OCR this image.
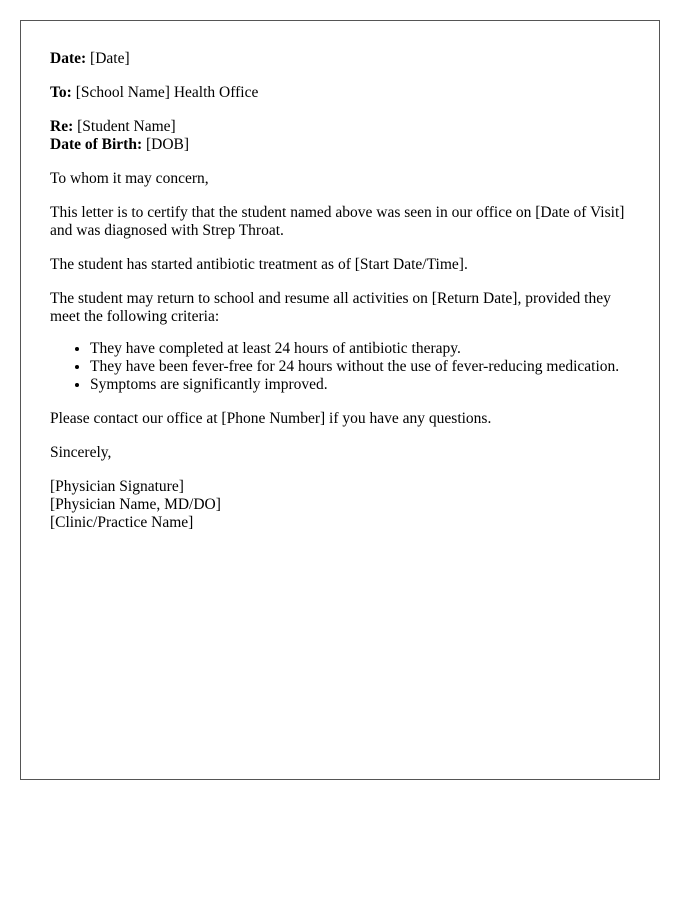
Date: [Date]

To: [School Name] Health Office

Re: [Student Name]

Date of Birth: [DOB]

To whom it may concern,

This letter is to certify that the student named above was seen in our office on [Date of Visit] and was diagnosed with Strep Throat.

The student has started antibiotic treatment as of [Start Date/Time].

The student may return to school and resume all activities on [Return Date], provided they meet the following criteria:

• They have completed at least 24 hours of antibiotic therapy.
• They have been fever-free for 24 hours without the use of fever-reducing medication.
• Symptoms are significantly improved.

Please contact our office at [Phone Number] if you have any questions.

Sincerely,

[Physician Signature]
[Physician Name, MD/DO]
[Clinic/Practice Name]
